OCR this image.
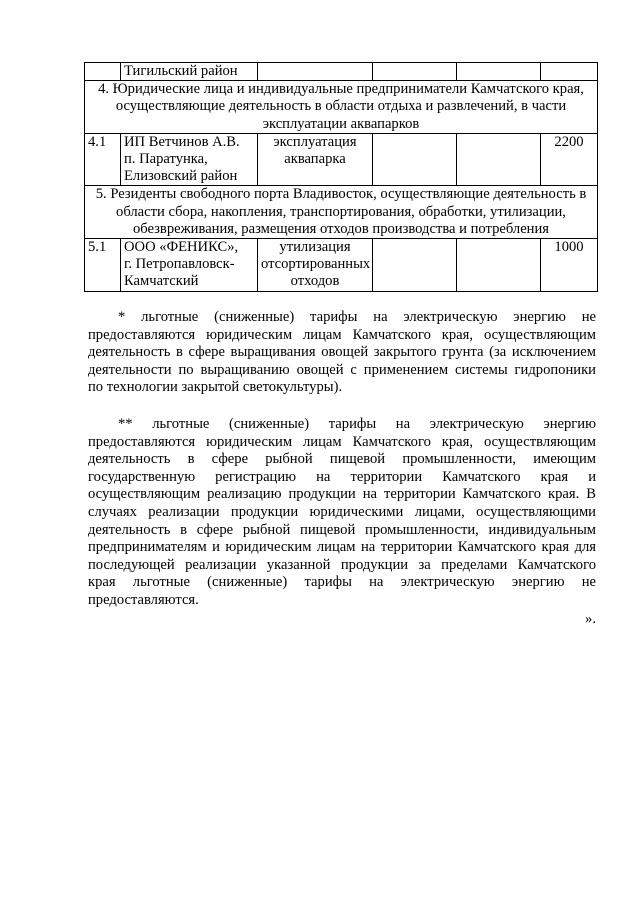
	Тигильский район				

4. Юридические лица и индивидуальные предприниматели Камчатского края,
осуществляющие деятельность в области отдыха и развлечений, в части
эксплуатации аквапарков					

4.1	ИП Ветчинов А.В.
п. Паратунка,
Елизовский район	эксплуатация
аквапарка			2200

5. Резиденты свободного порта Владивосток, осуществляющие деятельность в
области сбора, накопления, транспортирования, обработки, утилизации,
обезвреживания, размещения отходов производства и потребления					

5.1	ООО «ФЕНИКС»,
г. Петропавловск-
Камчатский	утилизация
отсортированных
отходов			1000
* льготные (сниженные) тарифы на электрическую энергию не
предоставляются юридическим лицам Камчатского края, осуществляющим
деятельность в сфере выращивания овощей закрытого грунта (за исключением
деятельности по выращиванию овощей с применением системы гидропоники
по технологии закрытой светокультуры).
** льготные (сниженные) тарифы на электрическую энергию
предоставляются юридическим лицам Камчатского края, осуществляющим
деятельность в сфере рыбной пищевой промышленности, имеющим
государственную регистрацию на территории Камчатского края и
осуществляющим реализацию продукции на территории Камчатского края. В
случаях реализации продукции юридическими лицами, осуществляющими
деятельность в сфере рыбной пищевой промышленности, индивидуальным
предпринимателям и юридическим лицам на территории Камчатского края для
последующей реализации указанной продукции за пределами Камчатского
края льготные (сниженные) тарифы на электрическую энергию не
предоставляются.
».
